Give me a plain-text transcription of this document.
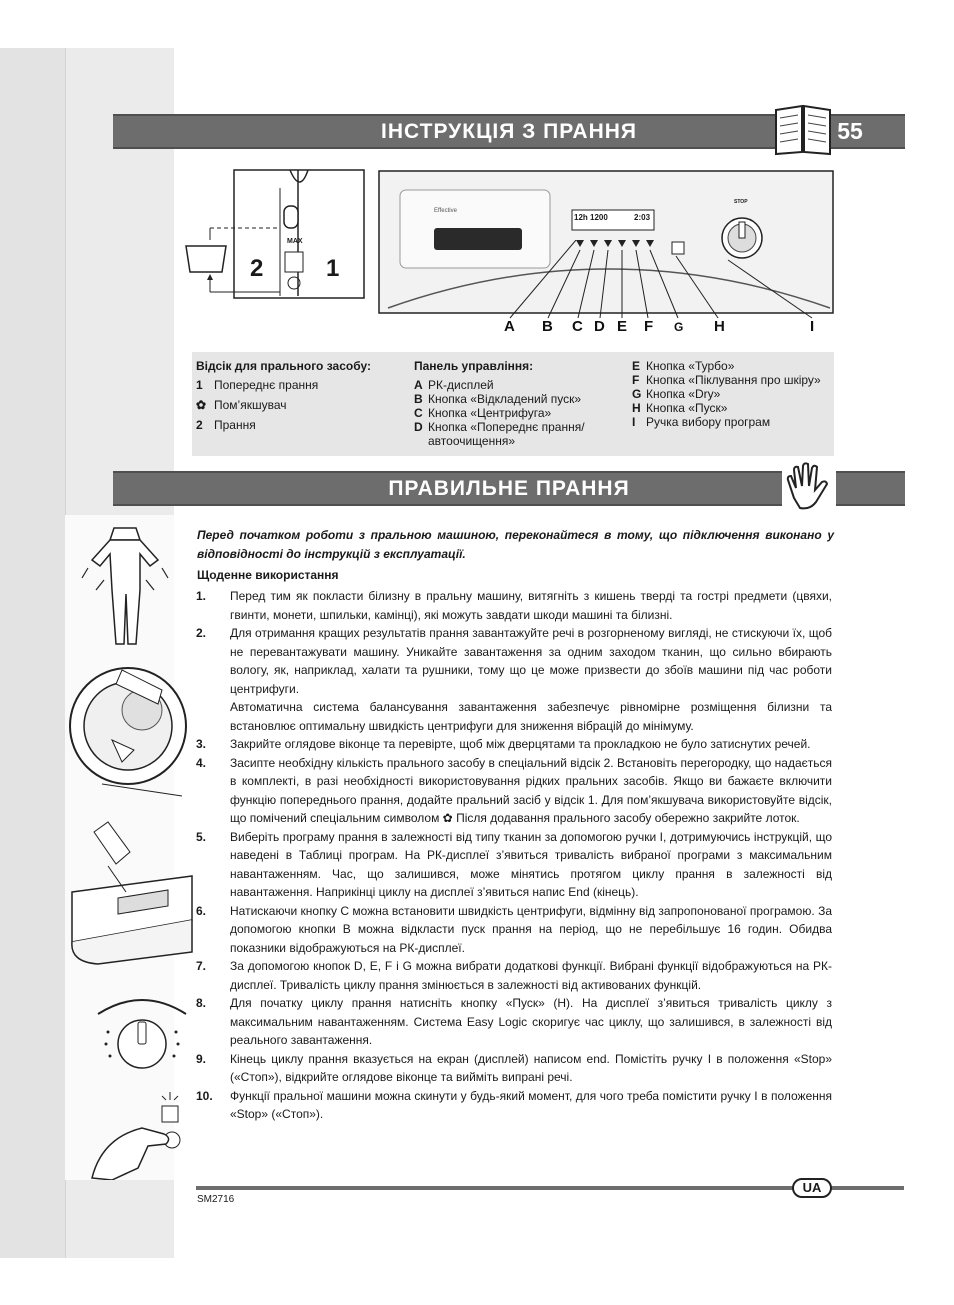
ІНСТРУКЦІЯ З ПРАННЯ	55
2	1
MAX
Effective
12h 1200	2:03
STOP
A B C D E F G H	I
Відсік для прального засобу:
1 Попереднє прання
✿ Пом’якшувач
2 Прання
Панель управління:
A РК-дисплей
B Кнопка «Відкладений пуск»
C Кнопка «Центрифуга»
D Кнопка «Попереднє прання/ автоочищення»
E Кнопка «Турбо»
F Кнопка «Піклування про шкіру»
G Кнопка «Dry»
H Кнопка «Пуск»
I Ручка вибору програм
ПРАВИЛЬНЕ ПРАННЯ
Перед початком роботи з пральною машиною, переконайтеся в тому, що підключення виконано у відповідності до інструкцій з експлуатації.
Щоденне використання
1. Перед тим як покласти білизну в пральну машину, витягніть з кишень тверді та гострі предмети (цвяхи, гвинти, монети, шпильки, камінці), які можуть завдати шкоди машині та білизні.
2. Для отримання кращих результатів прання завантажуйте речі в розгорненому вигляді, не стискуючи їх, щоб не перевантажувати машину. Уникайте завантаження за одним заходом тканин, що сильно вбирають вологу, як, наприклад, халати та рушники, тому що це може призвести до збоїв машини під час роботи центрифуги.
Автоматична система балансування завантаження забезпечує рівномірне розміщення білизни та встановлює оптимальну швидкість центрифуги для зниження вібрацій до мінімуму.
3. Закрийте оглядове віконце та перевірте, щоб між дверцятами та прокладкою не було затиснутих речей.
4. Засипте необхідну кількість прального засобу в спеціальний відсік 2. Встановіть перегородку, що надається в комплекті, в разі необхідності використовування рідких пральних засобів. Якщо ви бажаєте включити функцію попереднього прання, додайте пральний засіб у відсік 1. Для пом’якшувача використовуйте відсік, що помічений спеціальним символом ✿ Після додавання прального засобу обережно закрийте лоток.
5. Виберіть програму прання в залежності від типу тканин за допомогою ручки I, дотримуючись інструкцій, що наведені в Таблиці програм. На РК-дисплеї з’явиться тривалість вибраної програми з максимальним навантаженням. Час, що залишився, може мінятись протягом циклу прання в залежності від навантаження. Наприкінці циклу на дисплеї з’явиться напис End (кінець).
6. Натискаючи кнопку C можна встановити швидкість центрифуги, відмінну від запропонованої програмою. За допомогою кнопки B можна відкласти пуск прання на період, що не перебільшує 16 годин. Обидва показники відображуються на РК-дисплеї.
7. За допомогою кнопок D, E, F і G можна вибрати додаткові функції. Вибрані функції відображуються на РК-дисплеї. Тривалість циклу прання змінюється в залежності від активованих функцій.
8. Для початку циклу прання натисніть кнопку «Пуск» (H). На дисплеї з’явиться тривалість циклу з максимальним навантаженням. Система Easy Logic скоригує час циклу, що залишився, в залежності від реального завантаження.
9. Кінець циклу прання вказується на екран (дисплей) написом end. Помістіть ручку I в положення «Stop» («Стоп»), відкрийте оглядове віконце та вийміть випрані речі.
10. Функції пральної машини можна скинути у будь-який момент, для чого треба помістити ручку I в положення «Stop» («Стоп»).
UA
SM2716
